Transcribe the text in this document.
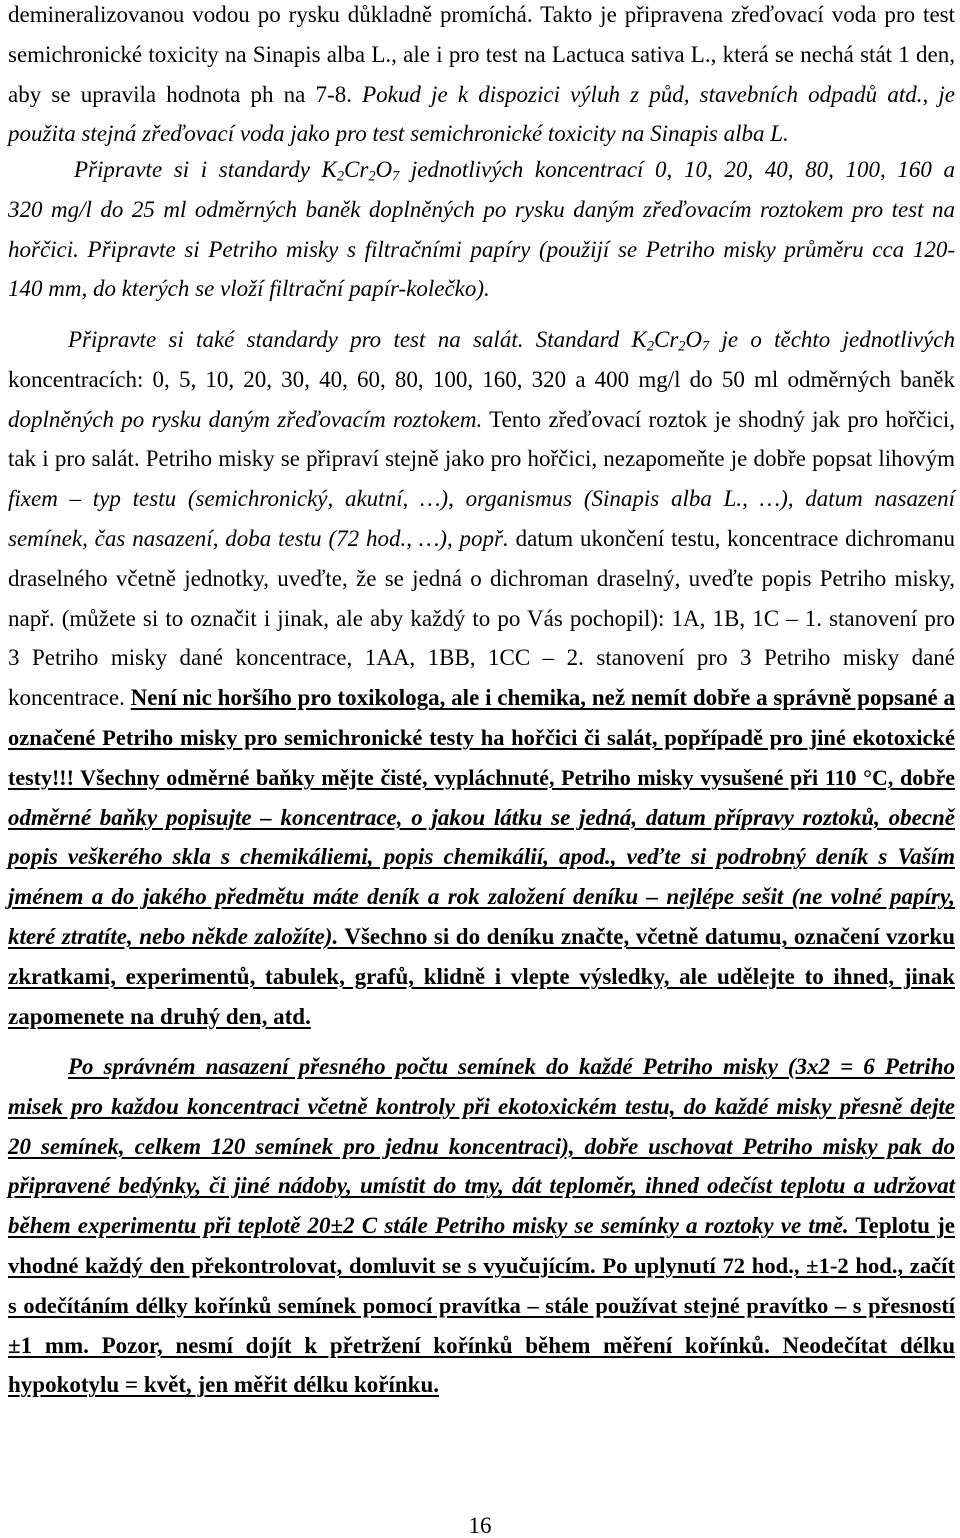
demineralizovanou vodou po rysku důkladně promíchá. Takto je připravena zřeďovací voda pro test
semichronické toxicity na Sinapis alba L., ale i pro test na Lactuca sativa L., která se nechá stát 1 den,
aby se upravila hodnota ph na 7-8. Pokud je k dispozici výluh z půd, stavebních odpadů atd., je
použita stejná zřeďovací voda jako pro test semichronické toxicity na Sinapis alba L.
Připravte si i standardy $K_2Cr_2O_7$ jednotlivých koncentrací 0, 10, 20, 40, 80, 100, 160 a
320 mg/l do 25 ml odměrných baněk doplněných po rysku daným zřeďovacím roztokem pro test na
hořčici. Připravte si Petriho misky s filtračními papíry (použijí se Petriho misky průměru cca 120-
140 mm, do kterých se vloží filtrační papír-kolečko).
Připravte si také standardy pro test na salát. Standard $K_2Cr_2O_7$ je o těchto jednotlivých
koncentracích: 0, 5, 10, 20, 30, 40, 60, 80, 100, 160, 320 a 400 mg/l do 50 ml odměrných baněk
doplněných po rysku daným zřeďovacím roztokem. Tento zřeďovací roztok je shodný jak pro hořčici,
tak i pro salát. Petriho misky se připraví stejně jako pro hořčici, nezapomeňte je dobře popsat lihovým
fixem – typ testu (semichronický, akutní, …), organismus (Sinapis alba L., …), datum nasazení
semínek, čas nasazení, doba testu (72 hod., …), popř. datum ukončení testu, koncentrace dichromanu
draselného včetně jednotky, uveďte, že se jedná o dichroman draselný, uveďte popis Petriho misky,
např. (můžete si to označit i jinak, ale aby každý to po Vás pochopil): 1A, 1B, 1C – 1. stanovení pro
3 Petriho misky dané koncentrace, 1AA, 1BB, 1CC – 2. stanovení pro 3 Petriho misky dané
koncentrace. Není nic horšího pro toxikologa, ale i chemika, než nemít dobře a správně popsané a
označené Petriho misky pro semichronické testy ha hořčici či salát, popřípadě pro jiné ekotoxické
testy!!! Všechny odměrné baňky mějte čisté, vypláchnuté, Petriho misky vysušené při 110 °C, dobře
odměrné baňky popisujte – koncentrace, o jakou látku se jedná, datum přípravy roztoků, obecně
popis veškerého skla s chemikáliemi, popis chemikálií, apod., veďte si podrobný deník s Vaším
jménem a do jakého předmětu máte deník a rok založení deníku – nejlépe sešit (ne volné papíry,
které ztratíte, nebo někde založíte). Všechno si do deníku značte, včetně datumu, označení vzorku
zkratkami, experimentů, tabulek, grafů, klidně i vlepte výsledky, ale udělejte to ihned, jinak
zapomenete na druhý den, atd.
Po správném nasazení přesného počtu semínek do každé Petriho misky (3x2 = 6 Petriho
misek pro každou koncentraci včetně kontroly při ekotoxickém testu, do každé misky přesně dejte
20 semínek, celkem 120 semínek pro jednu koncentraci), dobře uschovat Petriho misky pak do
připravené bedýnky, či jiné nádoby, umístit do tmy, dát teploměr, ihned odečíst teplotu a udržovat
během experimentu při teplotě 20±2 C stále Petriho misky se semínky a roztoky ve tmě. Teplotu je
vhodné každý den překontrolovat, domluvit se s vyučujícím. Po uplynutí 72 hod., ±1-2 hod., začít
s odečítáním délky kořínků semínek pomocí pravítka – stále používat stejné pravítko – s přesností
±1 mm. Pozor, nesmí dojít k přetržení kořínků během měření kořínků. Neodečítat délku
hypokotylu = květ, jen měřit délku kořínku.
16
